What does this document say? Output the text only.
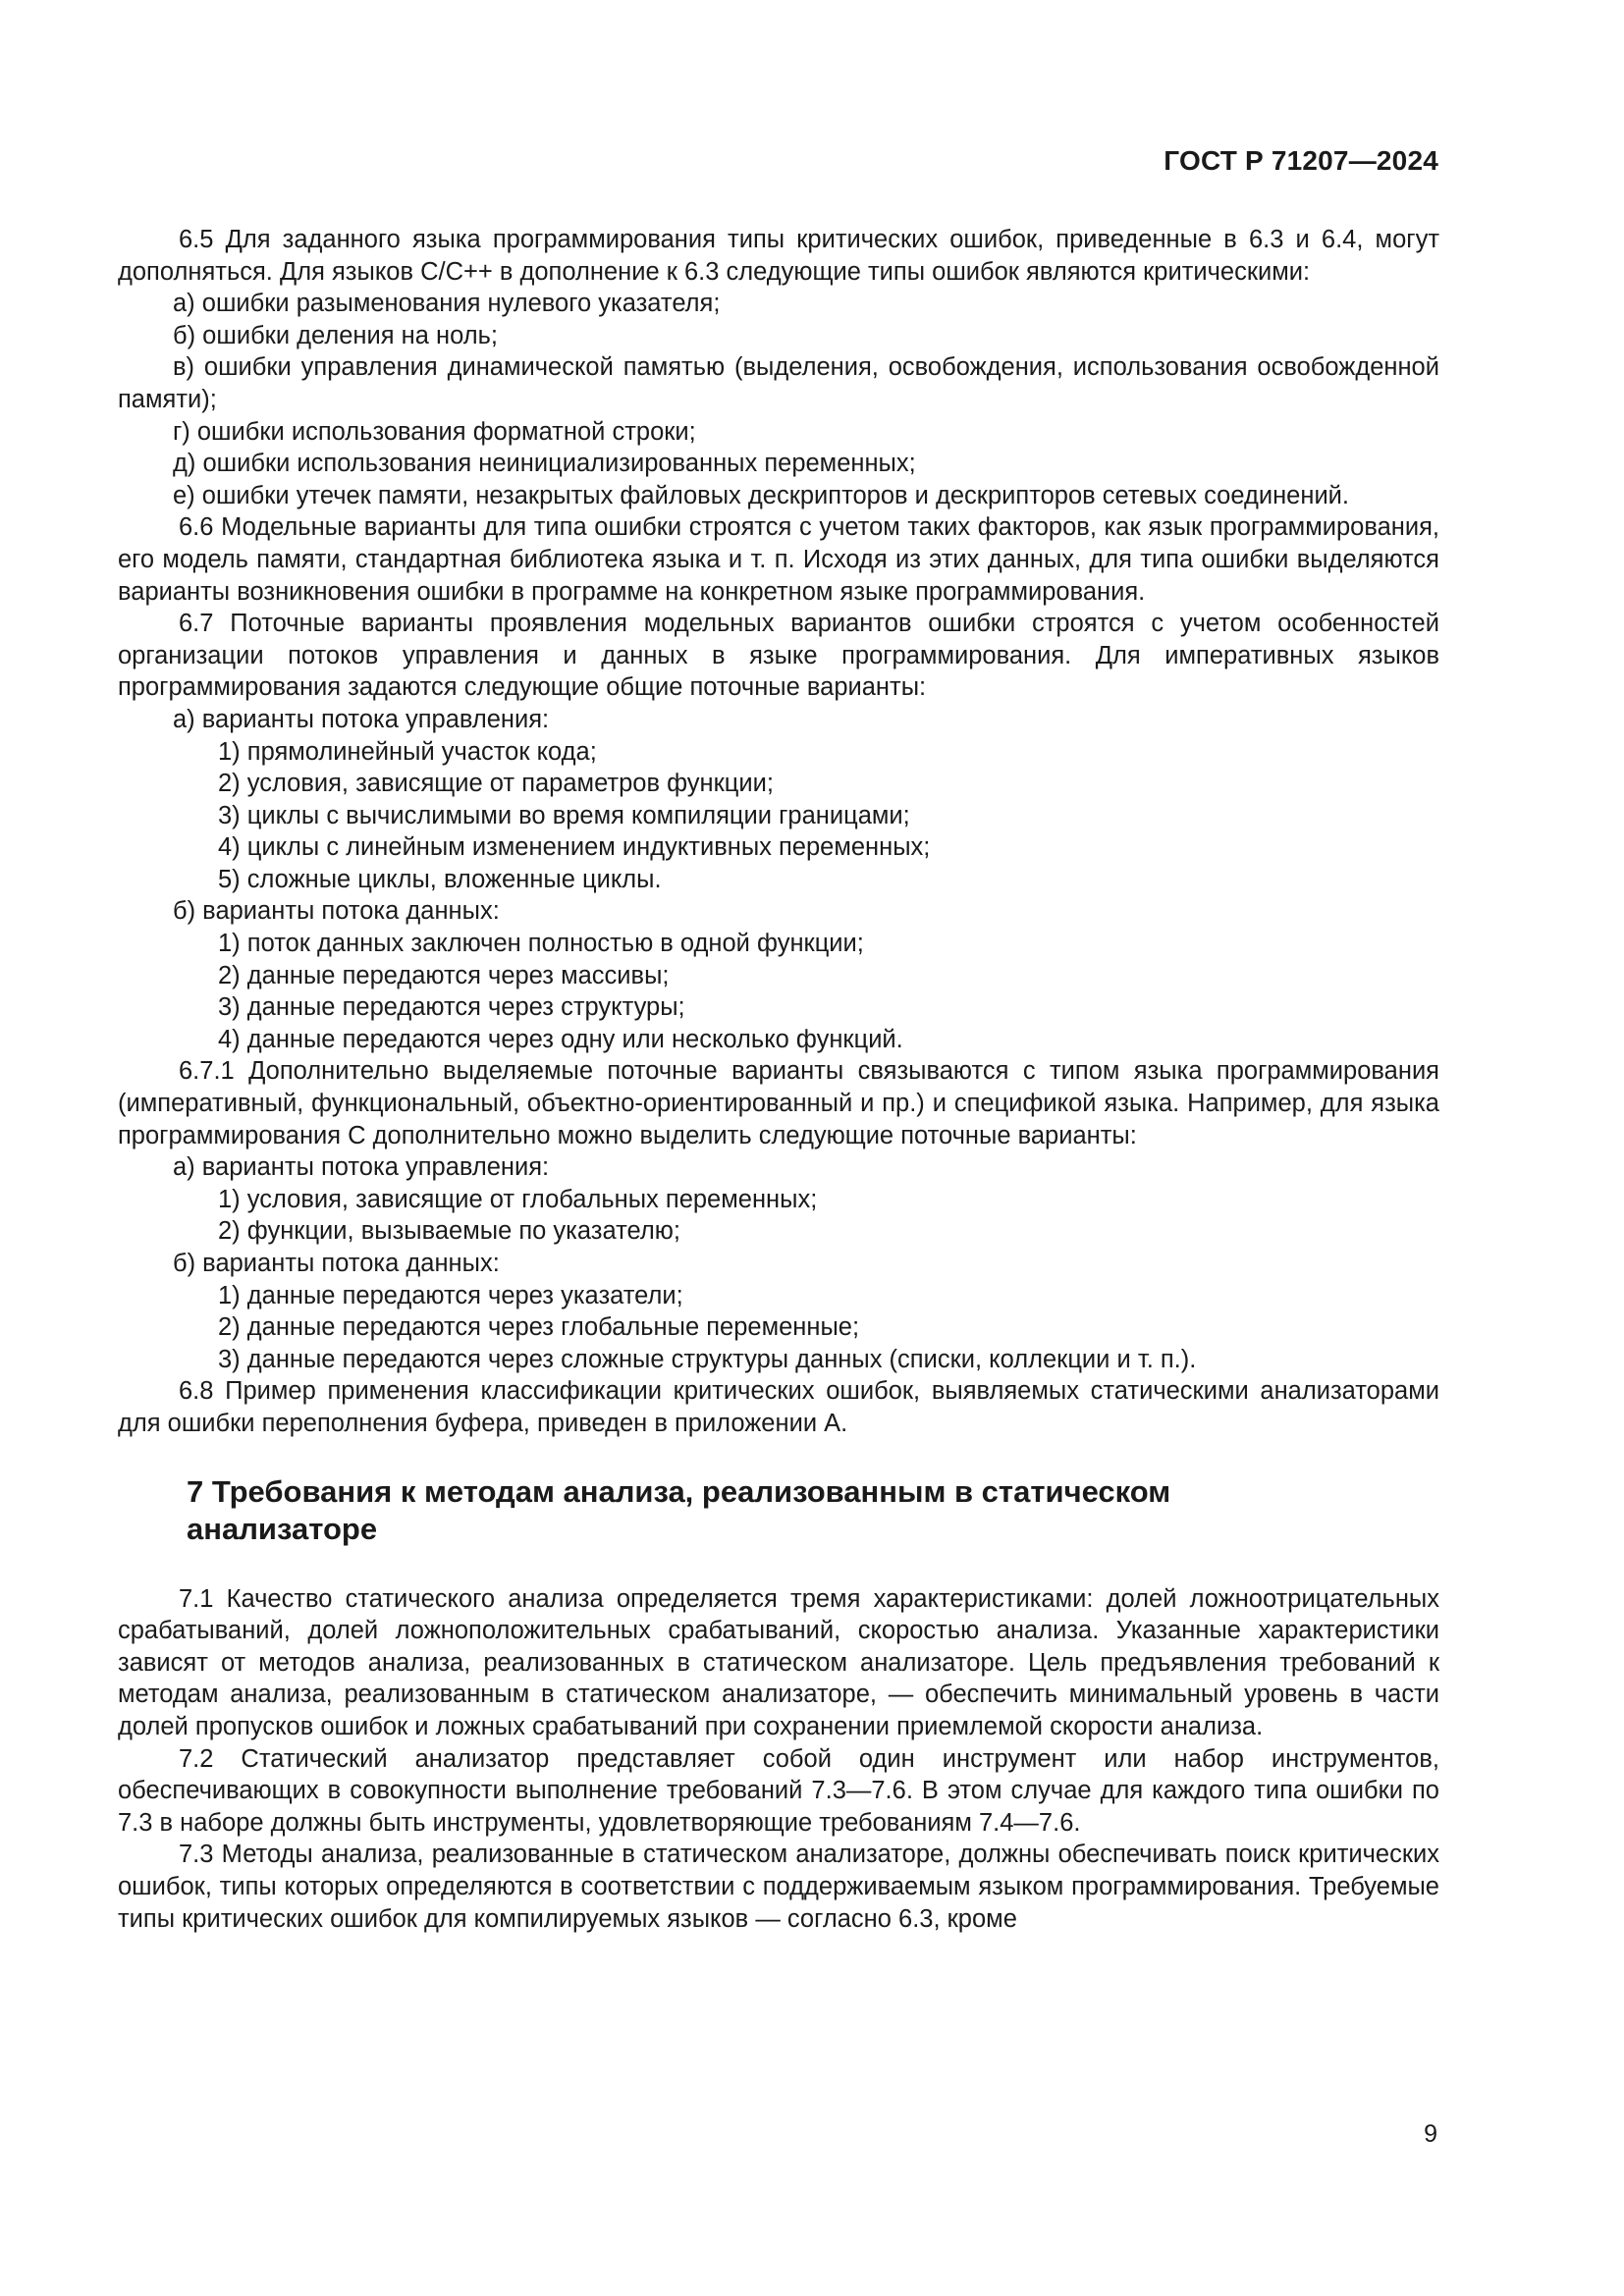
ГОСТ Р 71207—2024

6.5 Для заданного языка программирования типы критических ошибок, приведенные в 6.3 и 6.4, могут дополняться. Для языков С/С++ в дополнение к 6.3 следующие типы ошибок являются критическими:

а) ошибки разыменования нулевого указателя;

б) ошибки деления на ноль;

в) ошибки управления динамической памятью (выделения, освобождения, использования освобожденной памяти);

г) ошибки использования форматной строки;

д) ошибки использования неинициализированных переменных;

е) ошибки утечек памяти, незакрытых файловых дескрипторов и дескрипторов сетевых соединений.

6.6 Модельные варианты для типа ошибки строятся с учетом таких факторов, как язык программирования, его модель памяти, стандартная библиотека языка и т. п. Исходя из этих данных, для типа ошибки выделяются варианты возникновения ошибки в программе на конкретном языке программирования.

6.7 Поточные варианты проявления модельных вариантов ошибки строятся с учетом особенностей организации потоков управления и данных в языке программирования. Для императивных языков программирования задаются следующие общие поточные варианты:

а) варианты потока управления:

1) прямолинейный участок кода;

2) условия, зависящие от параметров функции;

3) циклы с вычислимыми во время компиляции границами;

4) циклы с линейным изменением индуктивных переменных;

5) сложные циклы, вложенные циклы.

б) варианты потока данных:

1) поток данных заключен полностью в одной функции;

2) данные передаются через массивы;

3) данные передаются через структуры;

4) данные передаются через одну или несколько функций.

6.7.1 Дополнительно выделяемые поточные варианты связываются с типом языка программирования (императивный, функциональный, объектно-ориентированный и пр.) и спецификой языка. Например, для языка программирования С дополнительно можно выделить следующие поточные варианты:

а) варианты потока управления:

1) условия, зависящие от глобальных переменных;

2) функции, вызываемые по указателю;

б) варианты потока данных:

1) данные передаются через указатели;

2) данные передаются через глобальные переменные;

3) данные передаются через сложные структуры данных (списки, коллекции и т. п.).

6.8 Пример применения классификации критических ошибок, выявляемых статическими анализаторами для ошибки переполнения буфера, приведен в приложении А.

7 Требования к методам анализа, реализованным в статическом анализаторе

7.1 Качество статического анализа определяется тремя характеристиками: долей ложноотрицательных срабатываний, долей ложноположительных срабатываний, скоростью анализа. Указанные характеристики зависят от методов анализа, реализованных в статическом анализаторе. Цель предъявления требований к методам анализа, реализованным в статическом анализаторе, — обеспечить минимальный уровень в части долей пропусков ошибок и ложных срабатываний при сохранении приемлемой скорости анализа.

7.2 Статический анализатор представляет собой один инструмент или набор инструментов, обеспечивающих в совокупности выполнение требований 7.3—7.6. В этом случае для каждого типа ошибки по 7.3 в наборе должны быть инструменты, удовлетворяющие требованиям 7.4—7.6.

7.3 Методы анализа, реализованные в статическом анализаторе, должны обеспечивать поиск критических ошибок, типы которых определяются в соответствии с поддерживаемым языком программирования. Требуемые типы критических ошибок для компилируемых языков — согласно 6.3, кроме

9
